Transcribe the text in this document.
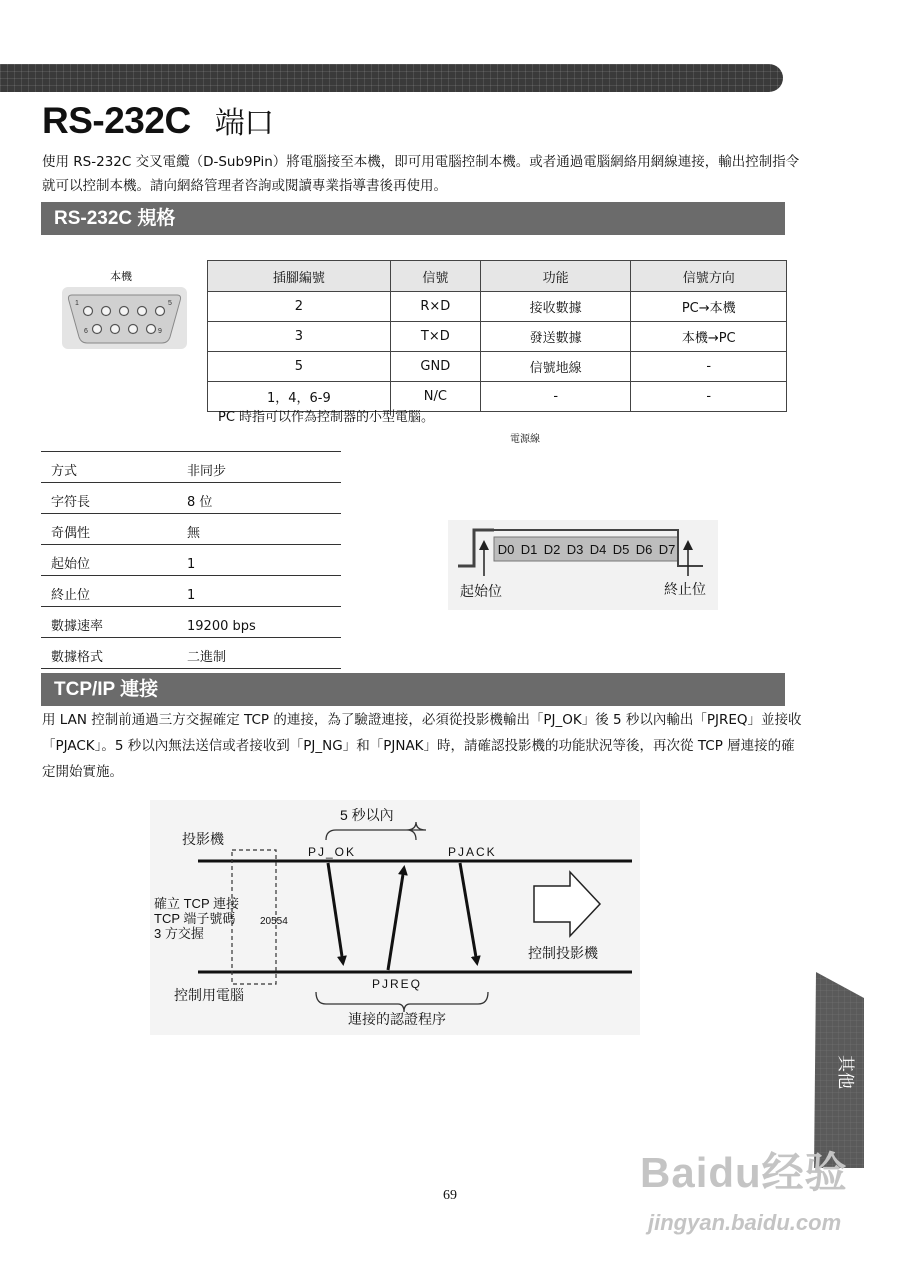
RS-232C 端口

使用 RS-232C 交叉電纜（D-Sub9Pin）將電腦接至本機，即可用電腦控制本機。或者通過電腦網絡用網線連接，輸出控制指令就可以控制本機。請向網絡管理者咨詢或閱讀專業指導書後再使用。

RS-232C 規格
本機
1	5
6	9
插腳編號	信號	功能	信號方向
2	R×D	接收數據	PC→本機
3	T×D	發送數據	本機→PC
5	GND	信號地線	-
1，4，6-9	N/C	-	-
PC 時指可以作為控制器的小型電腦。
電源線
方式	非同步
字符長	8 位
奇偶性	無
起始位	1
終止位	1
數據速率	19200 bps
數據格式	二進制
D0 D1 D2 D3 D4 D5 D6 D7
起始位	終止位
TCP/IP 連接

用 LAN 控制前通過三方交握確定 TCP 的連接，為了驗證連接，必須從投影機輸出「PJ_OK」後 5 秒以內輸出「PJREQ」並接收「PJACK」。5 秒以內無法送信或者接收到「PJ_NG」和「PJNAK」時，請確認投影機的功能狀況等後，再次從 TCP 層連接的確定開始實施。

5 秒以內
投影機
PJ_OK	PJACK
確立 TCP 連接
TCP 端子號碼
3 方交握
20554
控制投影機
PJREQ
控制用電腦
連接的認證程序
其他
69	Baidu经验
jingyan.baidu.com
